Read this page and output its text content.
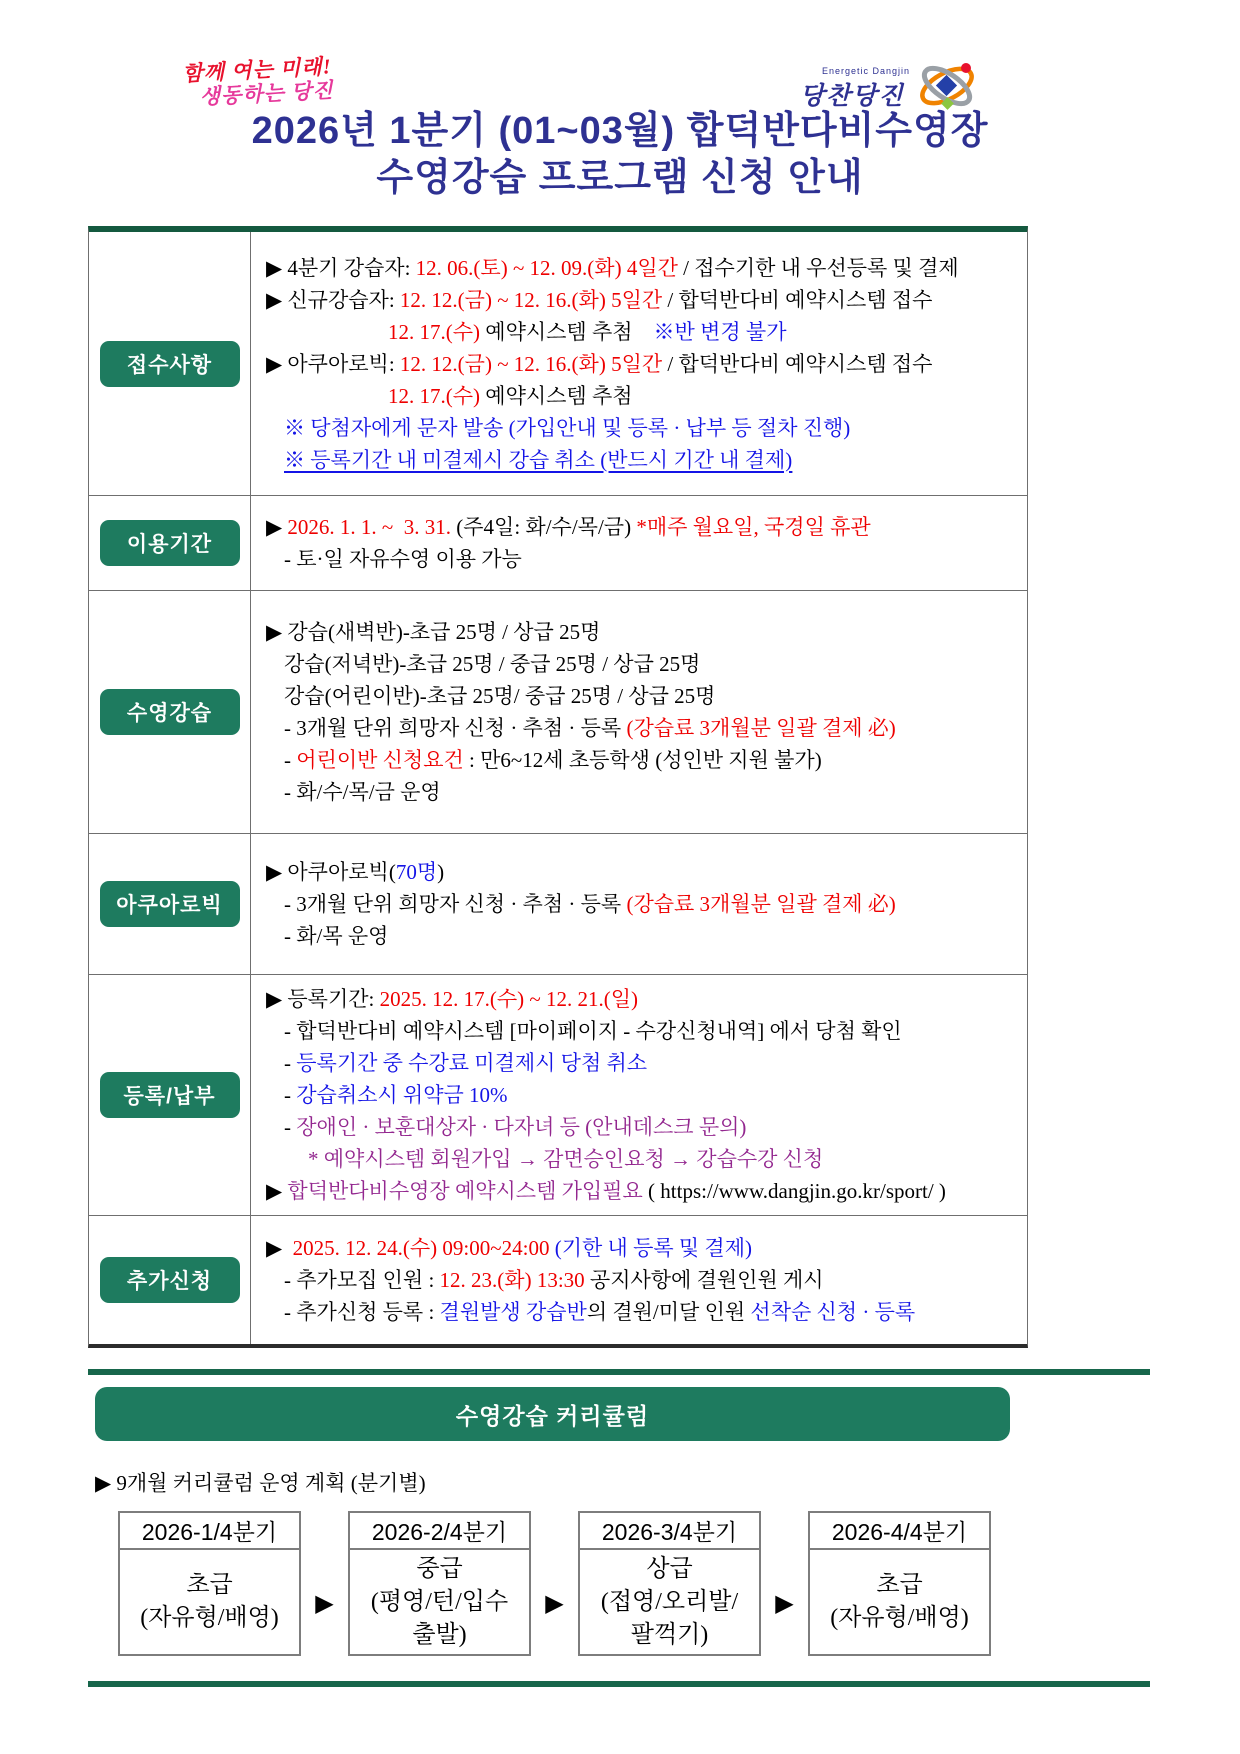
함께 여는 미래!
생동하는 당진
Energetic Dangjin
당찬당진
2026년 1분기 (01~03월) 합덕반다비수영장
수영강습 프로그램 신청 안내
접수사항
▶ 4분기 강습자: 12. 06.(토) ~ 12. 09.(화) 4일간 / 접수기한 내 우선등록 및 결제
▶ 신규강습자: 12. 12.(금) ~ 12. 16.(화) 5일간 / 합덕반다비 예약시스템 접수
12. 17.(수) 예약시스템 추첨    ※반 변경 불가
▶ 아쿠아로빅: 12. 12.(금) ~ 12. 16.(화) 5일간 / 합덕반다비 예약시스템 접수
12. 17.(수) 예약시스템 추첨
※ 당첨자에게 문자 발송 (가입안내 및 등록 · 납부 등 절차 진행)
※ 등록기간 내 미결제시 강습 취소 (반드시 기간 내 결제)
이용기간
▶ 2026. 1. 1. ~  3. 31. (주4일: 화/수/목/금) *매주 월요일, 국경일 휴관
- 토·일 자유수영 이용 가능
수영강습
▶ 강습(새벽반)-초급 25명 / 상급 25명
강습(저녁반)-초급 25명 / 중급 25명 / 상급 25명
강습(어린이반)-초급 25명/ 중급 25명 / 상급 25명
- 3개월 단위 희망자 신청 · 추첨 · 등록 (강습료 3개월분 일괄 결제 必)
- 어린이반 신청요건 : 만6~12세 초등학생 (성인반 지원 불가)
- 화/수/목/금 운영
아쿠아로빅
▶ 아쿠아로빅(70명)
- 3개월 단위 희망자 신청 · 추첨 · 등록 (강습료 3개월분 일괄 결제 必)
- 화/목 운영
등록/납부
▶ 등록기간: 2025. 12. 17.(수) ~ 12. 21.(일)
- 합덕반다비 예약시스템 [마이페이지 - 수강신청내역] 에서 당첨 확인
- 등록기간 중 수강료 미결제시 당첨 취소
- 강습취소시 위약금 10%
- 장애인 · 보훈대상자 · 다자녀 등 (안내데스크 문의)
* 예약시스템 회원가입 → 감면승인요청 → 강습수강 신청
▶ 합덕반다비수영장 예약시스템 가입필요 ( https://www.dangjin.go.kr/sport/ )
추가신청
▶  2025. 12. 24.(수) 09:00~24:00 (기한 내 등록 및 결제)
- 추가모집 인원 : 12. 23.(화) 13:30 공지사항에 결원인원 게시
- 추가신청 등록 : 결원발생 강습반의 결원/미달 인원 선착순 신청 · 등록
수영강습 커리큘럼
▶ 9개월 커리큘럼 운영 계획 (분기별)
2026-1/4분기
초급
(자유형/배영)
▶
2026-2/4분기
중급
(평영/턴/입수
출발)
▶
2026-3/4분기
상급
(접영/오리발/
팔꺽기)
▶
2026-4/4분기
초급
(자유형/배영)
